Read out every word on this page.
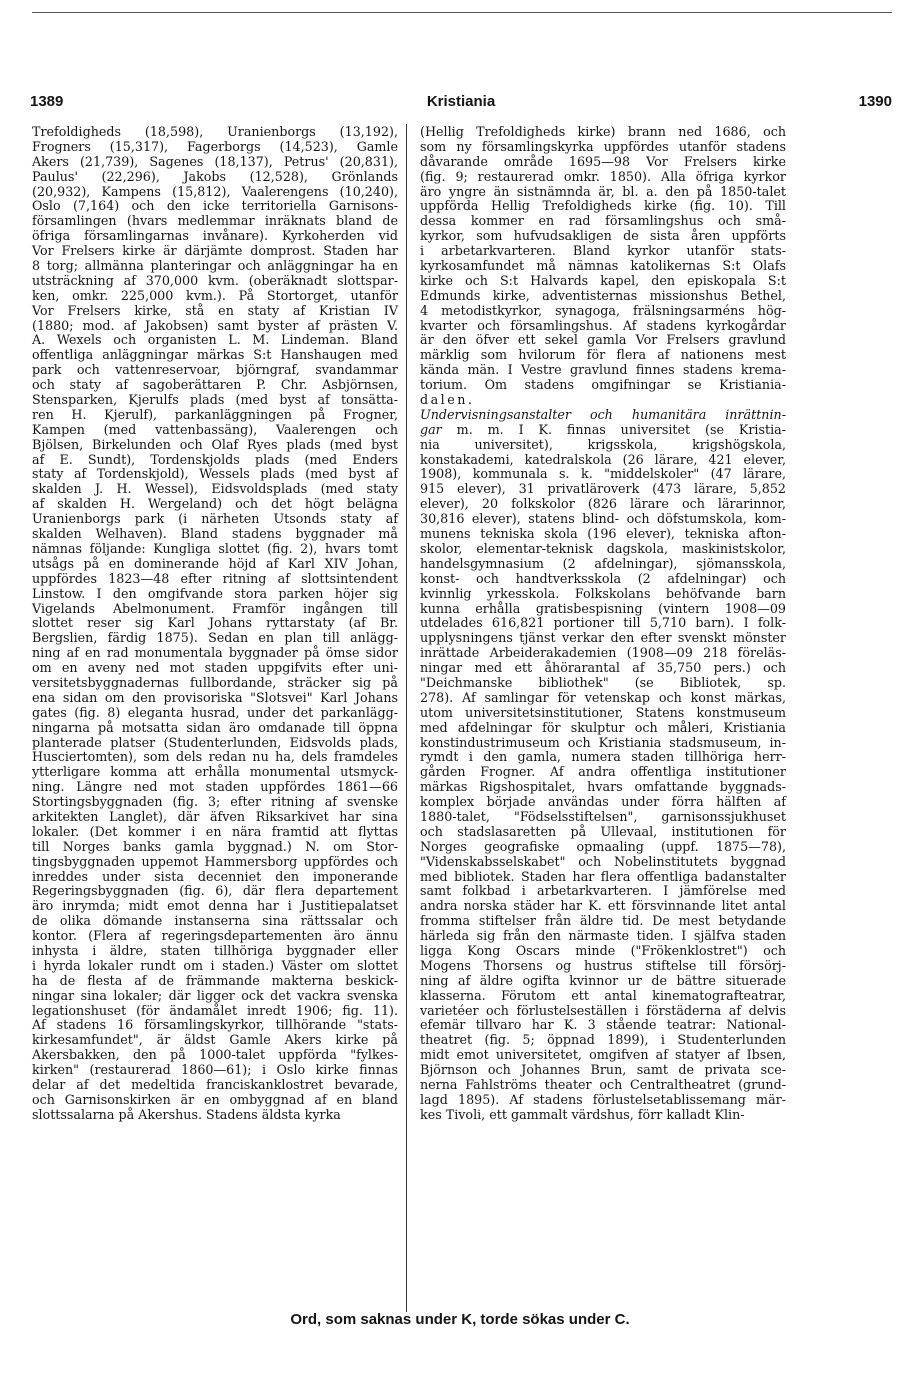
1389	Kristiania	1390
Trefoldigheds (18,598), Uranienborgs (13,192),
Frogners (15,317), Fagerborgs (14,523), Gamle
Akers (21,739), Sagenes (18,137), Petrus' (20,831),
Paulus' (22,296), Jakobs (12,528), Grönlands
(20,932), Kampens (15,812), Vaalerengens (10,240),
Oslo (7,164) och den icke territoriella Garnisons-
församlingen (hvars medlemmar inräknats bland de
öfriga församlingarnas invånare). Kyrkoherden vid
Vor Frelsers kirke är därjämte domprost. Staden har
8 torg; allmänna planteringar och anläggningar ha en
utsträckning af 370,000 kvm. (oberäknadt slottspar-
ken, omkr. 225,000 kvm.). På Stortorget, utanför
Vor Frelsers kirke, stå en staty af Kristian IV
(1880; mod. af Jakobsen) samt byster af prästen V.
A. Wexels och organisten L. M. Lindeman. Bland
offentliga anläggningar märkas S:t Hanshaugen med
park och vattenreservoar, björngraf, svandammar
och staty af sagoberättaren P. Chr. Asbjörnsen,
Stensparken, Kjerulfs plads (med byst af tonsätta-
ren H. Kjerulf), parkanläggningen på Frogner,
Kampen (med vattenbassäng), Vaalerengen och
Bjölsen, Birkelunden och Olaf Ryes plads (med byst
af E. Sundt), Tordenskjolds plads (med Enders
staty af Tordenskjold), Wessels plads (med byst af
skalden J. H. Wessel), Eidsvoldsplads (med staty
af skalden H. Wergeland) och det högt belägna
Uranienborgs park (i närheten Utsonds staty af
skalden Welhaven). Bland stadens byggnader må
nämnas följande: Kungliga slottet (fig. 2), hvars tomt
utsågs på en dominerande höjd af Karl XIV Johan,
uppfördes 1823—48 efter ritning af slottsintendent
Linstow. I den omgifvande stora parken höjer sig
Vigelands Abelmonument. Framför ingången till
slottet reser sig Karl Johans ryttarstaty (af Br.
Bergslien, färdig 1875). Sedan en plan till anlägg-
ning af en rad monumentala byggnader på ömse sidor
om en aveny ned mot staden uppgifvits efter uni-
versitetsbyggnadernas fullbordande, sträcker sig på
ena sidan om den provisoriska "Slotsvei" Karl Johans
gates (fig. 8) eleganta husrad, under det parkanlägg-
ningarna på motsatta sidan äro omdanade till öppna
planterade platser (Studenterlunden, Eidsvolds plads,
Husciertomten), som dels redan nu ha, dels framdeles
ytterligare komma att erhålla monumental utsmyck-
ning. Längre ned mot staden uppfördes 1861—66
Stortingsbyggnaden (fig. 3; efter ritning af svenske
arkitekten Langlet), där äfven Riksarkivet har sina
lokaler. (Det kommer i en nära framtid att flyttas
till Norges banks gamla byggnad.) N. om Stor-
tingsbyggnaden uppemot Hammersborg uppfördes och
inreddes under sista decenniet den imponerande
Regeringsbyggnaden (fig. 6), där flera departement
äro inrymda; midt emot denna har i Justitiepalatset
de olika dömande instanserna sina rättssalar och
kontor. (Flera af regeringsdepartementen äro ännu
inhysta i äldre, staten tillhöriga byggnader eller
i hyrda lokaler rundt om i staden.) Väster om slottet
ha de flesta af de främmande makterna beskick-
ningar sina lokaler; där ligger ock det vackra svenska
legationshuset (för ändamålet inredt 1906; fig. 11).
Af stadens 16 församlingskyrkor, tillhörande "stats-
kirkesamfundet", är äldst Gamle Akers kirke på
Akersbakken, den på 1000-talet uppförda "fylkes-
kirken" (restaurerad 1860—61); i Oslo kirke finnas
delar af det medeltida franciskanklostret bevarade,
och Garnisonskirken är en ombyggnad af en bland
slottssalarna på Akershus. Stadens äldsta kyrka
(Hellig Trefoldigheds kirke) brann ned 1686, och
som ny församlingskyrka uppfördes utanför stadens
dåvarande område 1695—98 Vor Frelsers kirke
(fig. 9; restaurerad omkr. 1850). Alla öfriga kyrkor
äro yngre än sistnämnda är, bl. a. den på 1850-talet
uppförda Hellig Trefoldigheds kirke (fig. 10). Till
dessa kommer en rad församlingshus och små-
kyrkor, som hufvudsakligen de sista åren uppförts
i arbetarkvarteren. Bland kyrkor utanför stats-
kyrkosamfundet må nämnas katolikernas S:t Olafs
kirke och S:t Halvards kapel, den episkopala S:t
Edmunds kirke, adventisternas missionshus Bethel,
4 metodistkyrkor, synagoga, frälsningsarméns hög-
kvarter och församlingshus. Af stadens kyrkogårdar
är den öfver ett sekel gamla Vor Frelsers gravlund
märklig som hvilorum för flera af nationens mest
kända män. I Vestre gravlund finnes stadens krema-
torium. Om stadens omgifningar se Kristiania-
dalen.
Undervisningsanstalter och humanitära inrättnin-
gar m. m. I K. finnas universitet (se Kristia-
nia universitet), krigsskola, krigshögskola,
konstakademi, katedralskola (26 lärare, 421 elever,
1908), kommunala s. k. "middelskoler" (47 lärare,
915 elever), 31 privatläroverk (473 lärare, 5,852
elever), 20 folkskolor (826 lärare och lärarinnor,
30,816 elever), statens blind- och döfstumskola, kom-
munens tekniska skola (196 elever), tekniska afton-
skolor, elementar-teknisk dagskola, maskinistskolor,
handelsgymnasium (2 afdelningar), sjömansskola,
konst- och handtverksskola (2 afdelningar) och
kvinnlig yrkesskola. Folkskolans behöfvande barn
kunna erhålla gratisbespisning (vintern 1908—09
utdelades 616,821 portioner till 5,710 barn). I folk-
upplysningens tjänst verkar den efter svenskt mönster
inrättade Arbeiderakademien (1908—09 218 föreläs-
ningar med ett åhörarantal af 35,750 pers.) och
"Deichmanske bibliothek" (se Bibliotek, sp.
278). Af samlingar för vetenskap och konst märkas,
utom universitetsinstitutioner, Statens konstmuseum
med afdelningar för skulptur och måleri, Kristiania
konstindustrimuseum och Kristiania stadsmuseum, in-
rymdt i den gamla, numera staden tillhöriga herr-
gården Frogner. Af andra offentliga institutioner
märkas Rigshospitalet, hvars omfattande byggnads-
komplex började användas under förra hälften af
1880-talet, "Födselsstiftelsen", garnisonssjukhuset
och stadslasaretten på Ullevaal, institutionen för
Norges geografiske opmaaling (uppf. 1875—78),
"Videnskabsselskabet" och Nobelinstitutets byggnad
med bibliotek. Staden har flera offentliga badanstalter
samt folkbad i arbetarkvarteren. I jämförelse med
andra norska städer har K. ett försvinnande litet antal
fromma stiftelser från äldre tid. De mest betydande
härleda sig från den närmaste tiden. I själfva staden
ligga Kong Oscars minde ("Frökenklostret") och
Mogens Thorsens og hustrus stiftelse till försörj-
ning af äldre ogifta kvinnor ur de bättre situerade
klasserna. Förutom ett antal kinematografteatrar,
varietéer och förlustelseställen i förstäderna af delvis
efemär tillvaro har K. 3 stående teatrar: National-
theatret (fig. 5; öppnad 1899), i Studenterlunden
midt emot universitetet, omgifven af statyer af Ibsen,
Björnson och Johannes Brun, samt de privata sce-
nerna Fahlströms theater och Centraltheatret (grund-
lagd 1895). Af stadens förlustelsetablissemang mär-
kes Tivoli, ett gammalt värdshus, förr kalladt Klin-
Ord, som saknas under K, torde sökas under C.
